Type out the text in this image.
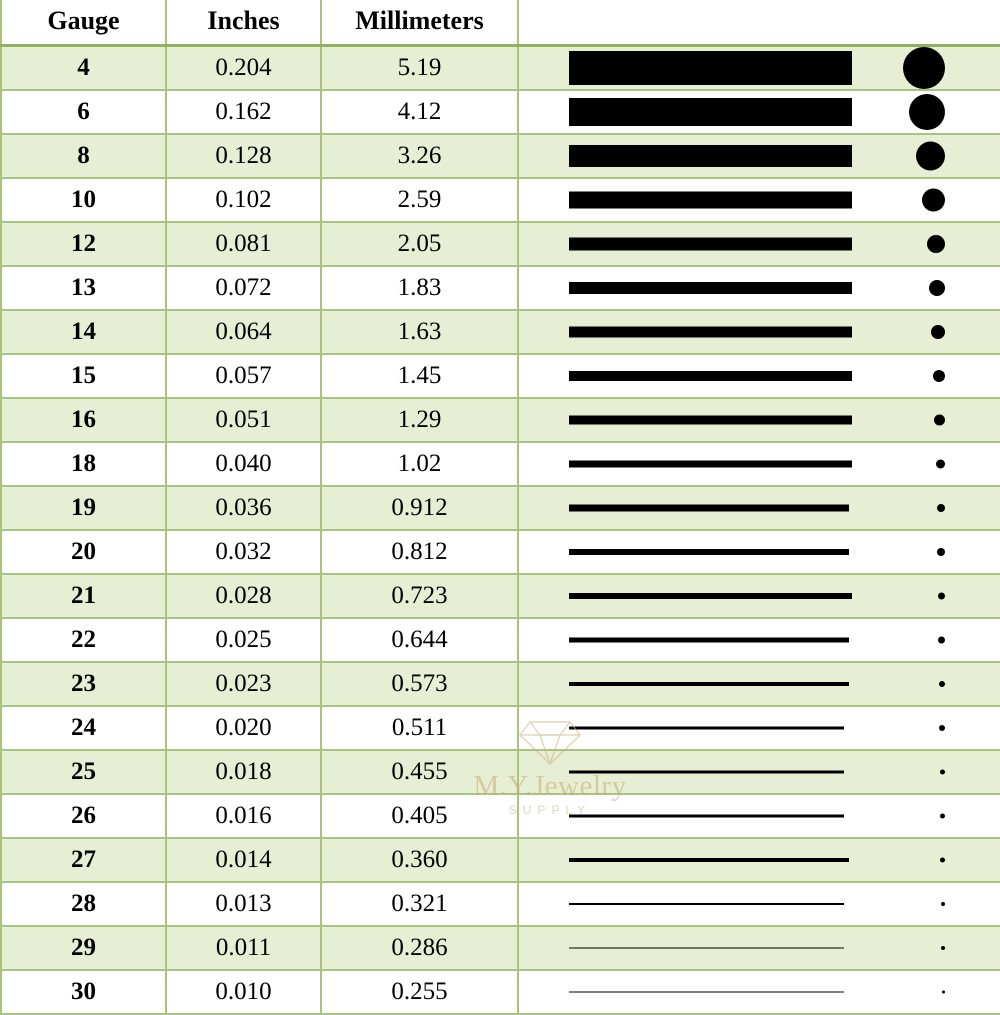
Gauge	Inches	Millimeters	
4	0.204	5.19	

6	0.162	4.12	

8	0.128	3.26	

10	0.102	2.59	

12	0.081	2.05	

13	0.072	1.83	

14	0.064	1.63	

15	0.057	1.45	

16	0.051	1.29	

18	0.040	1.02	

19	0.036	0.912	

20	0.032	0.812	

21	0.028	0.723	

22	0.025	0.644	

23	0.023	0.573	

24	0.020	0.511	

25	0.018	0.455	

26	0.016	0.405	

27	0.014	0.360	

28	0.013	0.321	

29	0.011	0.286	

30	0.010	0.255	
M.Y.Jewelry
SUPPLY
